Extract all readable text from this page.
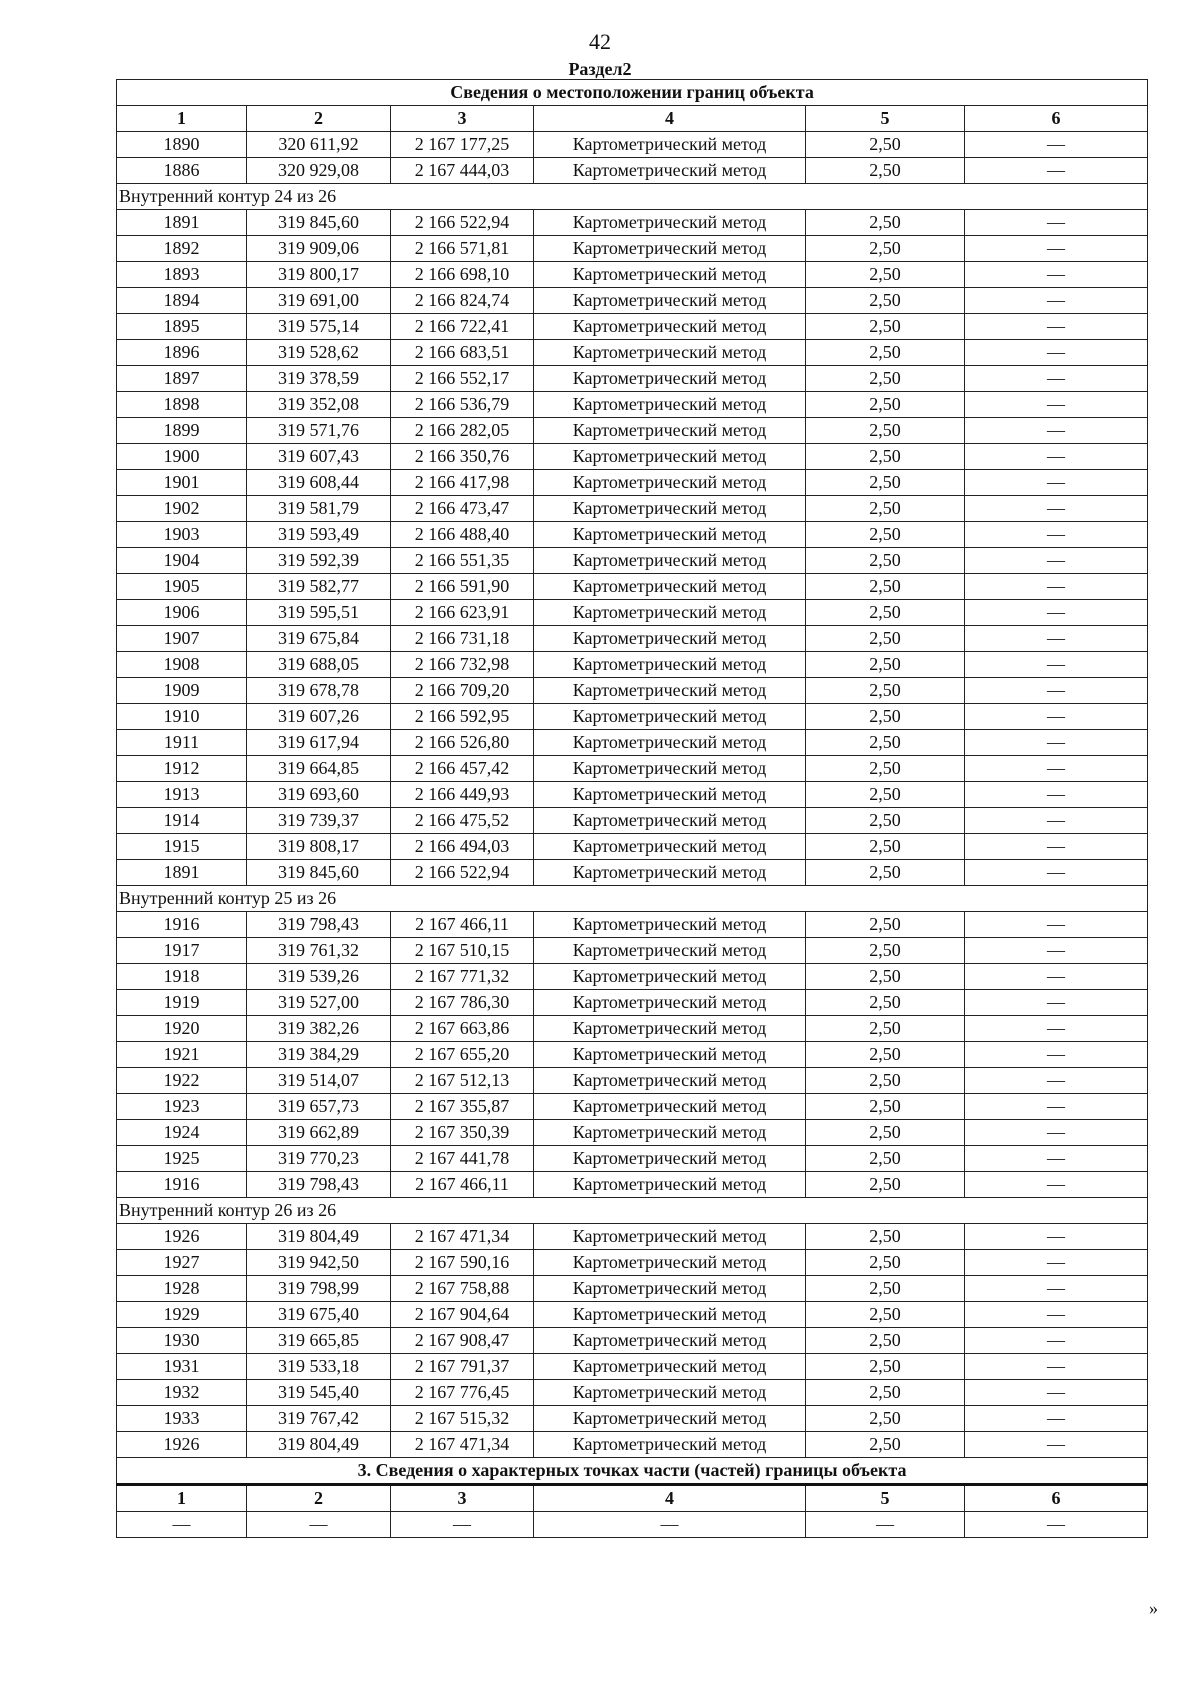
42
Раздел2
Сведения о местоположении границ объекта					
1	2	3	4	5	6
1890	320 611,92	2 167 177,25	Картометрический метод	2,50	—
1886	320 929,08	2 167 444,03	Картометрический метод	2,50	—
Внутренний контур 24 из 26					
1891	319 845,60	2 166 522,94	Картометрический метод	2,50	—
1892	319 909,06	2 166 571,81	Картометрический метод	2,50	—
1893	319 800,17	2 166 698,10	Картометрический метод	2,50	—
1894	319 691,00	2 166 824,74	Картометрический метод	2,50	—
1895	319 575,14	2 166 722,41	Картометрический метод	2,50	—
1896	319 528,62	2 166 683,51	Картометрический метод	2,50	—
1897	319 378,59	2 166 552,17	Картометрический метод	2,50	—
1898	319 352,08	2 166 536,79	Картометрический метод	2,50	—
1899	319 571,76	2 166 282,05	Картометрический метод	2,50	—
1900	319 607,43	2 166 350,76	Картометрический метод	2,50	—
1901	319 608,44	2 166 417,98	Картометрический метод	2,50	—
1902	319 581,79	2 166 473,47	Картометрический метод	2,50	—
1903	319 593,49	2 166 488,40	Картометрический метод	2,50	—
1904	319 592,39	2 166 551,35	Картометрический метод	2,50	—
1905	319 582,77	2 166 591,90	Картометрический метод	2,50	—
1906	319 595,51	2 166 623,91	Картометрический метод	2,50	—
1907	319 675,84	2 166 731,18	Картометрический метод	2,50	—
1908	319 688,05	2 166 732,98	Картометрический метод	2,50	—
1909	319 678,78	2 166 709,20	Картометрический метод	2,50	—
1910	319 607,26	2 166 592,95	Картометрический метод	2,50	—
1911	319 617,94	2 166 526,80	Картометрический метод	2,50	—
1912	319 664,85	2 166 457,42	Картометрический метод	2,50	—
1913	319 693,60	2 166 449,93	Картометрический метод	2,50	—
1914	319 739,37	2 166 475,52	Картометрический метод	2,50	—
1915	319 808,17	2 166 494,03	Картометрический метод	2,50	—
1891	319 845,60	2 166 522,94	Картометрический метод	2,50	—
Внутренний контур 25 из 26					
1916	319 798,43	2 167 466,11	Картометрический метод	2,50	—
1917	319 761,32	2 167 510,15	Картометрический метод	2,50	—
1918	319 539,26	2 167 771,32	Картометрический метод	2,50	—
1919	319 527,00	2 167 786,30	Картометрический метод	2,50	—
1920	319 382,26	2 167 663,86	Картометрический метод	2,50	—
1921	319 384,29	2 167 655,20	Картометрический метод	2,50	—
1922	319 514,07	2 167 512,13	Картометрический метод	2,50	—
1923	319 657,73	2 167 355,87	Картометрический метод	2,50	—
1924	319 662,89	2 167 350,39	Картометрический метод	2,50	—
1925	319 770,23	2 167 441,78	Картометрический метод	2,50	—
1916	319 798,43	2 167 466,11	Картометрический метод	2,50	—
Внутренний контур 26 из 26					
1926	319 804,49	2 167 471,34	Картометрический метод	2,50	—
1927	319 942,50	2 167 590,16	Картометрический метод	2,50	—
1928	319 798,99	2 167 758,88	Картометрический метод	2,50	—
1929	319 675,40	2 167 904,64	Картометрический метод	2,50	—
1930	319 665,85	2 167 908,47	Картометрический метод	2,50	—
1931	319 533,18	2 167 791,37	Картометрический метод	2,50	—
1932	319 545,40	2 167 776,45	Картометрический метод	2,50	—
1933	319 767,42	2 167 515,32	Картометрический метод	2,50	—
1926	319 804,49	2 167 471,34	Картометрический метод	2,50	—
3. Сведения о характерных точках части (частей) границы объекта					
1	2	3	4	5	6
—	—	—	—	—	—
»
